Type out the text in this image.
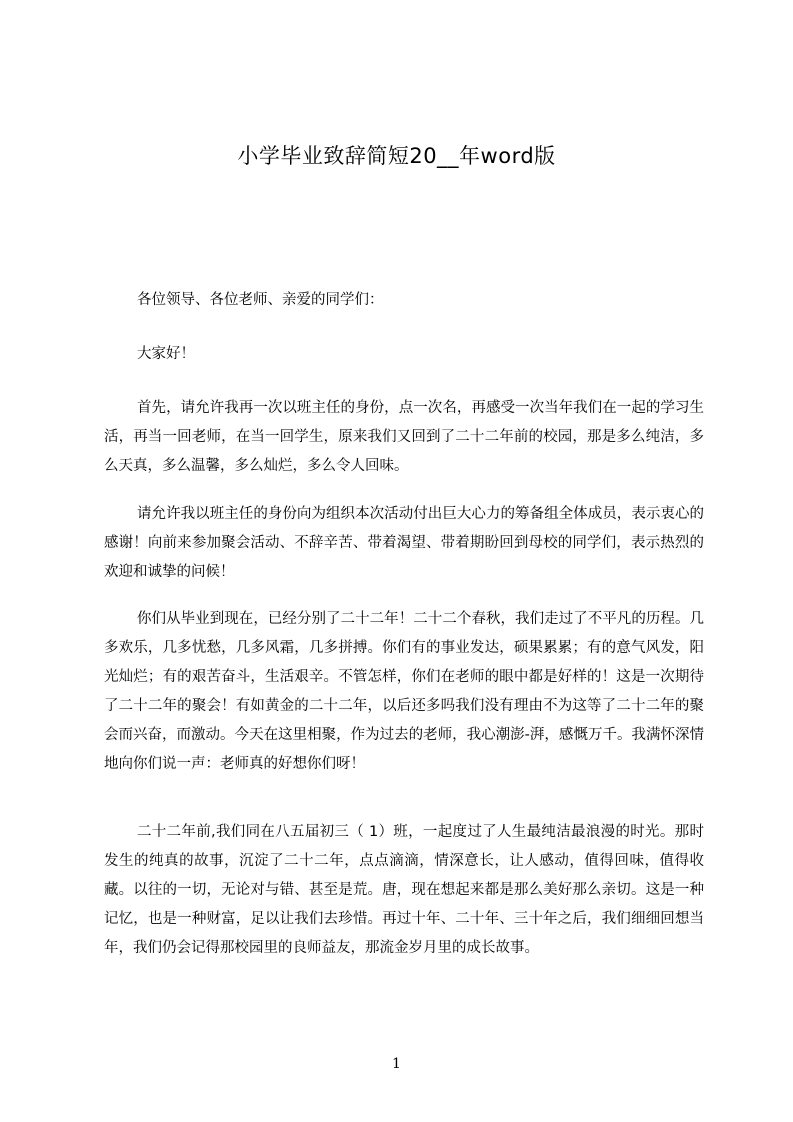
小学毕业致辞简短20__年word版

各位领导、各位老师、亲爱的同学们：

大家好！

首先，请允许我再一次以班主任的身份，点一次名，再感受一次当年我们在一起的学习生活，再当一回老师，在当一回学生，原来我们又回到了二十二年前的校园，那是多么纯洁，多么天真，多么温馨，多么灿烂，多么令人回味。

请允许我以班主任的身份向为组织本次活动付出巨大心力的筹备组全体成员，表示衷心的感谢！向前来参加聚会活动、不辞辛苦、带着渴望、带着期盼回到母校的同学们，表示热烈的欢迎和诚挚的问候！

你们从毕业到现在，已经分别了二十二年！二十二个春秋，我们走过了不平凡的历程。几多欢乐，几多忧愁，几多风霜，几多拼搏。你们有的事业发达，硕果累累；有的意气风发，阳光灿烂；有的艰苦奋斗，生活艰辛。不管怎样，你们在老师的眼中都是好样的！这是一次期待了二十二年的聚会！有如黄金的二十二年，以后还多吗我们没有理由不为这等了二十二年的聚会而兴奋，而激动。今天在这里相聚，作为过去的老师，我心潮澎-湃，感慨万千。我满怀深情地向你们说一声：老师真的好想你们呀！

二十二年前,我们同在八五届初三（ 1）班，一起度过了人生最纯洁最浪漫的时光。那时发生的纯真的故事，沉淀了二十二年，点点滴滴，情深意长，让人感动，值得回味，值得收藏。以往的一切，无论对与错、甚至是荒。唐，现在想起来都是那么美好那么亲切。这是一种记忆，也是一种财富，足以让我们去珍惜。再过十年、二十年、三十年之后，我们细细回想当年，我们仍会记得那校园里的良师益友，那流金岁月里的成长故事。

1
